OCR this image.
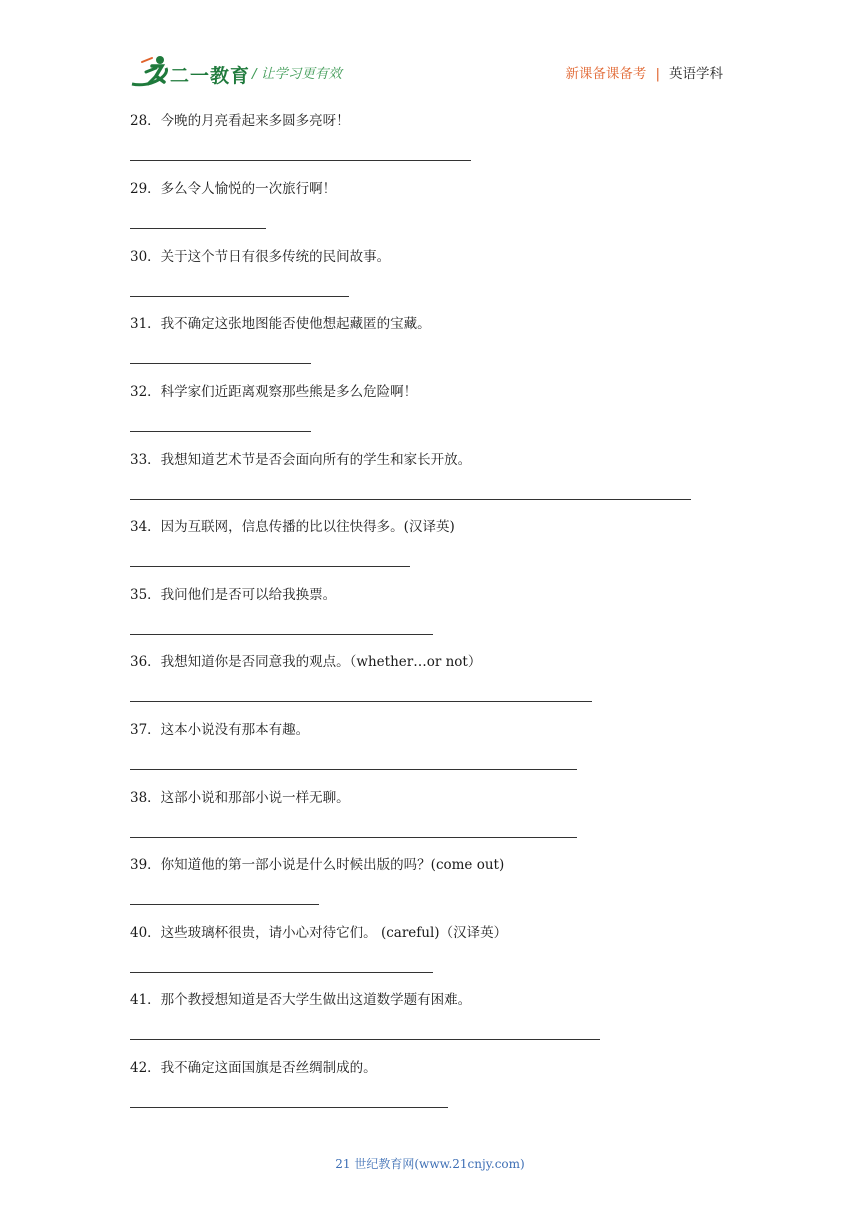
二一教育 / 让学习更有效	新课备课备考 | 英语学科
28．今晚的月亮看起来多圆多亮呀！
29．多么令人愉悦的一次旅行啊！
30．关于这个节日有很多传统的民间故事。
31．我不确定这张地图能否使他想起藏匿的宝藏。
32．科学家们近距离观察那些熊是多么危险啊！
33．我想知道艺术节是否会面向所有的学生和家长开放。
34．因为互联网，信息传播的比以往快得多。(汉译英)
35．我问他们是否可以给我换票。
36．我想知道你是否同意我的观点。（whether…or not）
37．这本小说没有那本有趣。
38．这部小说和那部小说一样无聊。
39．你知道他的第一部小说是什么时候出版的吗？(come out)
40．这些玻璃杯很贵，请小心对待它们。 (careful)（汉译英）
41．那个教授想知道是否大学生做出这道数学题有困难。
42．我不确定这面国旗是否丝绸制成的。
21 世纪教育网(www.21cnjy.com)
